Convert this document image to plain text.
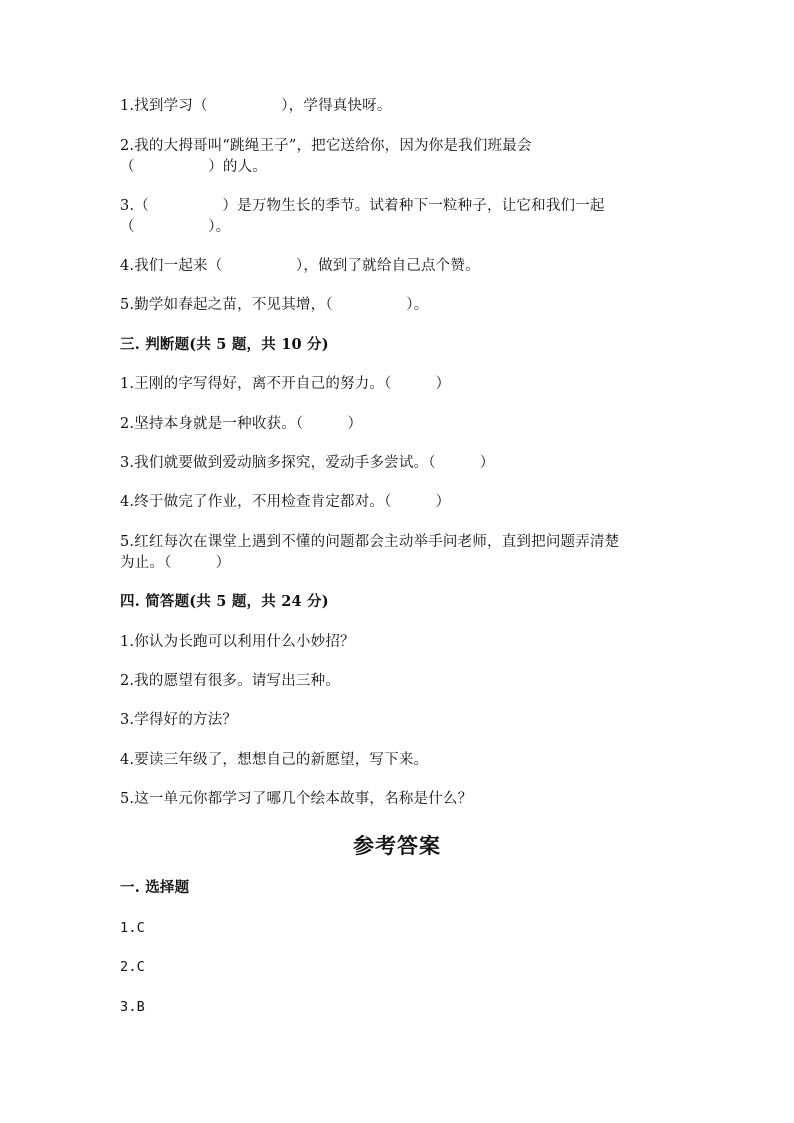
1.找到学习（　　　　　），学得真快呀。
2.我的大拇哥叫“跳绳王子”，把它送给你，因为你是我们班最会
（　　　　　）的人。
3.（　　　　　）是万物生长的季节。试着种下一粒种子，让它和我们一起
（　　　　　）。
4.我们一起来（　　　　　），做到了就给自己点个赞。
5.勤学如春起之苗，不见其增，（　　　　　）。
三. 判断题(共 5 题，共 10 分)
1.王刚的字写得好，离不开自己的努力。（　　　）
2.坚持本身就是一种收获。（　　　）
3.我们就要做到爱动脑多探究，爱动手多尝试。（　　　）
4.终于做完了作业，不用检查肯定都对。（　　　）
5.红红每次在课堂上遇到不懂的问题都会主动举手问老师，直到把问题弄清楚
为止。（　　　）
四. 简答题(共 5 题，共 24 分)
1.你认为长跑可以利用什么小妙招？
2.我的愿望有很多。请写出三种。
3.学得好的方法？
4.要读三年级了，想想自己的新愿望，写下来。
5.这一单元你都学习了哪几个绘本故事，名称是什么？
参考答案
一. 选择题
1.C
2.C
3.B
